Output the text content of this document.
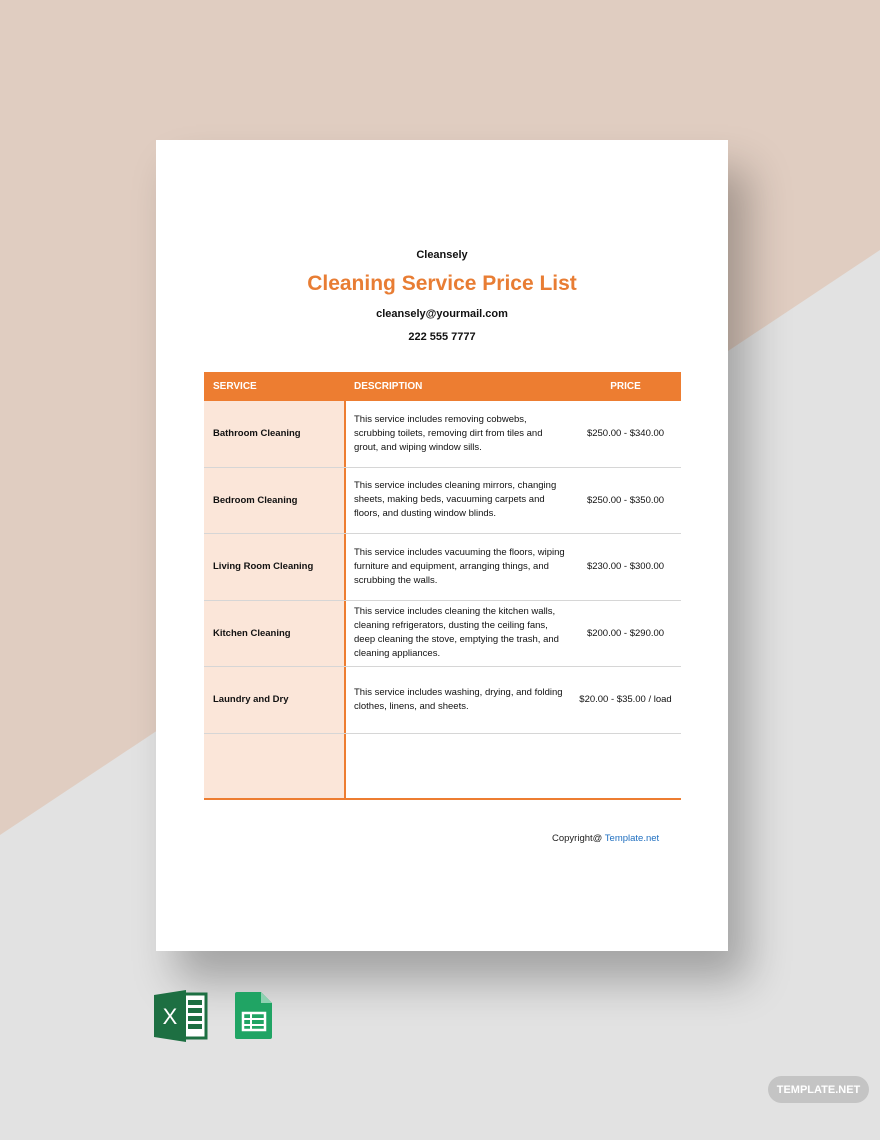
Cleansely
Cleaning Service Price List
cleansely@yourmail.com
222 555 7777
SERVICE	DESCRIPTION	PRICE
Bathroom Cleaning
This service includes removing cobwebs, scrubbing toilets, removing dirt from tiles and grout, and wiping window sills.
$250.00 - $340.00
Bedroom Cleaning
This service includes cleaning mirrors, changing sheets, making beds, vacuuming carpets and floors, and dusting window blinds.
$250.00 - $350.00
Living Room Cleaning
This service includes vacuuming the floors, wiping furniture and equipment, arranging things, and scrubbing the walls.
$230.00 - $300.00
Kitchen Cleaning
This service includes cleaning the kitchen walls, cleaning refrigerators, dusting the ceiling fans, deep cleaning the stove, emptying the trash, and cleaning appliances.
$200.00 - $290.00
Laundry and Dry
This service includes washing, drying, and folding clothes, linens, and sheets.
$20.00 - $35.00 / load
Copyright@ Template.net
X
TEMPLATE.NET
